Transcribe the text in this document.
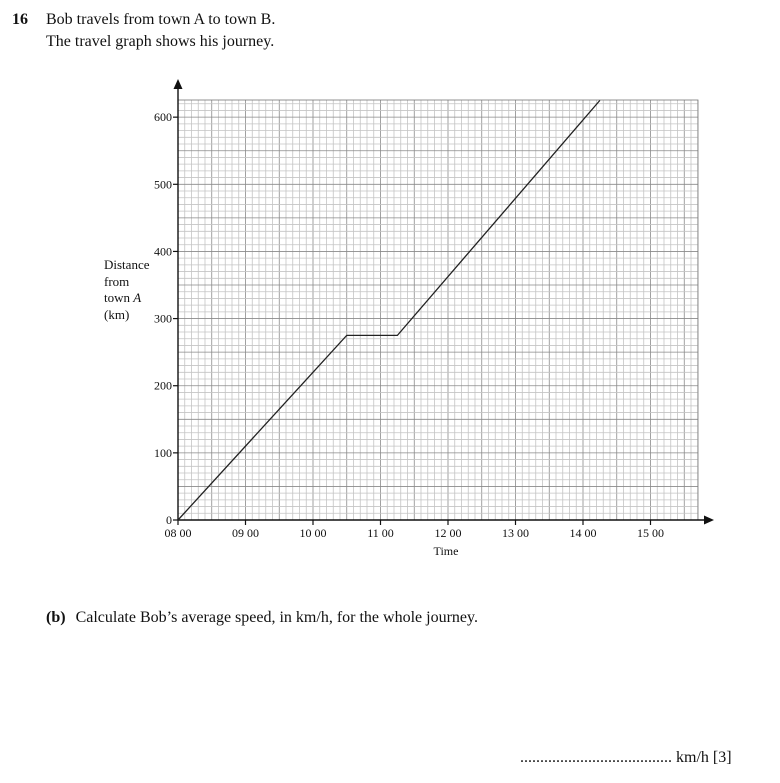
16 Bob travels from town A to town B.
The travel graph shows his journey.
Distance
from
town A
(km)
0
100
200
300
400
500
600
08 00	09 00	10 00	11 00	12 00	13 00	14 00	15 00
Time
(b) Calculate Bob’s average speed, in km/h, for the whole journey.
...................................... km/h [3]
